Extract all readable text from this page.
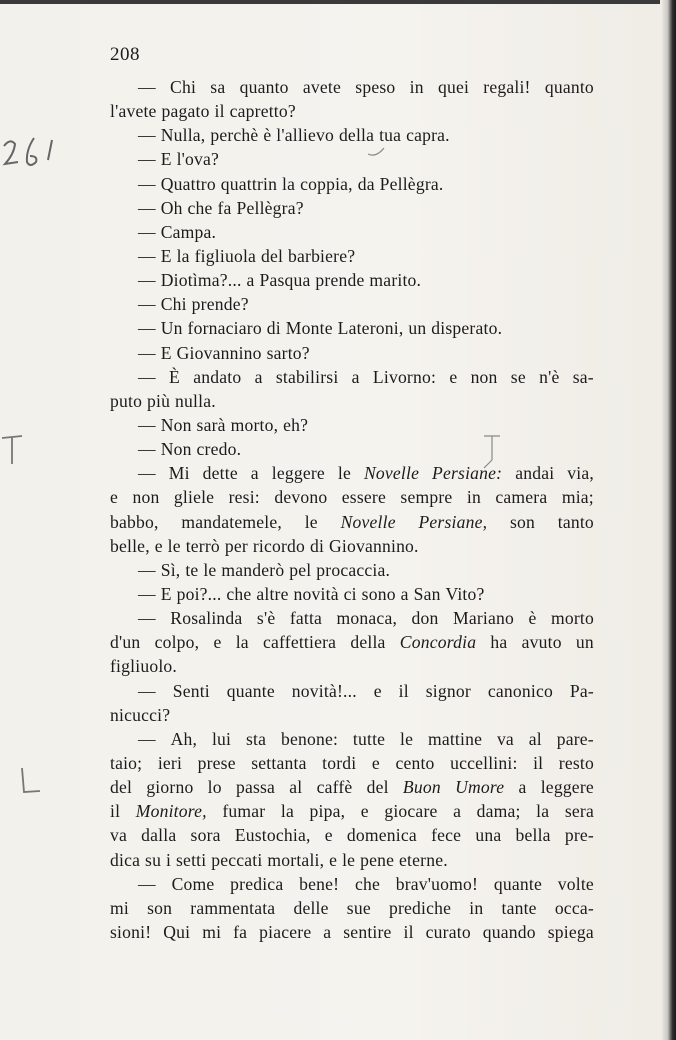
208
— Chi sa quanto avete speso in quei regali! quanto
l'avete pagato il capretto?
— Nulla, perchè è l'allievo della tua capra.
— E l'ova?
— Quattro quattrin la coppia, da Pellègra.
— Oh che fa Pellègra?
— Campa.
— E la figliuola del barbiere?
— Diotìma?... a Pasqua prende marito.
— Chi prende?
— Un fornaciaro di Monte Lateroni, un disperato.
— E Giovannino sarto?
— È andato a stabilirsi a Livorno: e non se n'è sa-
puto più nulla.
— Non sarà morto, eh?
— Non credo.
— Mi dette a leggere le Novelle Persiane: andai via,
e non gliele resi: devono essere sempre in camera mia;
babbo, mandatemele, le Novelle Persiane, son tanto
belle, e le terrò per ricordo di Giovannino.
— Sì, te le manderò pel procaccia.
— E poi?... che altre novità ci sono a San Vito?
— Rosalinda s'è fatta monaca, don Mariano è morto
d'un colpo, e la caffettiera della Concordia ha avuto un
figliuolo.
— Senti quante novità!... e il signor canonico Pa-
nicucci?
— Ah, lui sta benone: tutte le mattine va al pare-
taio; ieri prese settanta tordi e cento uccellini: il resto
del giorno lo passa al caffè del Buon Umore a leggere
il Monitore, fumar la pipa, e giocare a dama; la sera
va dalla sora Eustochia, e domenica fece una bella pre-
dica su i setti peccati mortali, e le pene eterne.
— Come predica bene! che brav'uomo! quante volte
mi son rammentata delle sue prediche in tante occa-
sioni! Qui mi fa piacere a sentire il curato quando spiega
